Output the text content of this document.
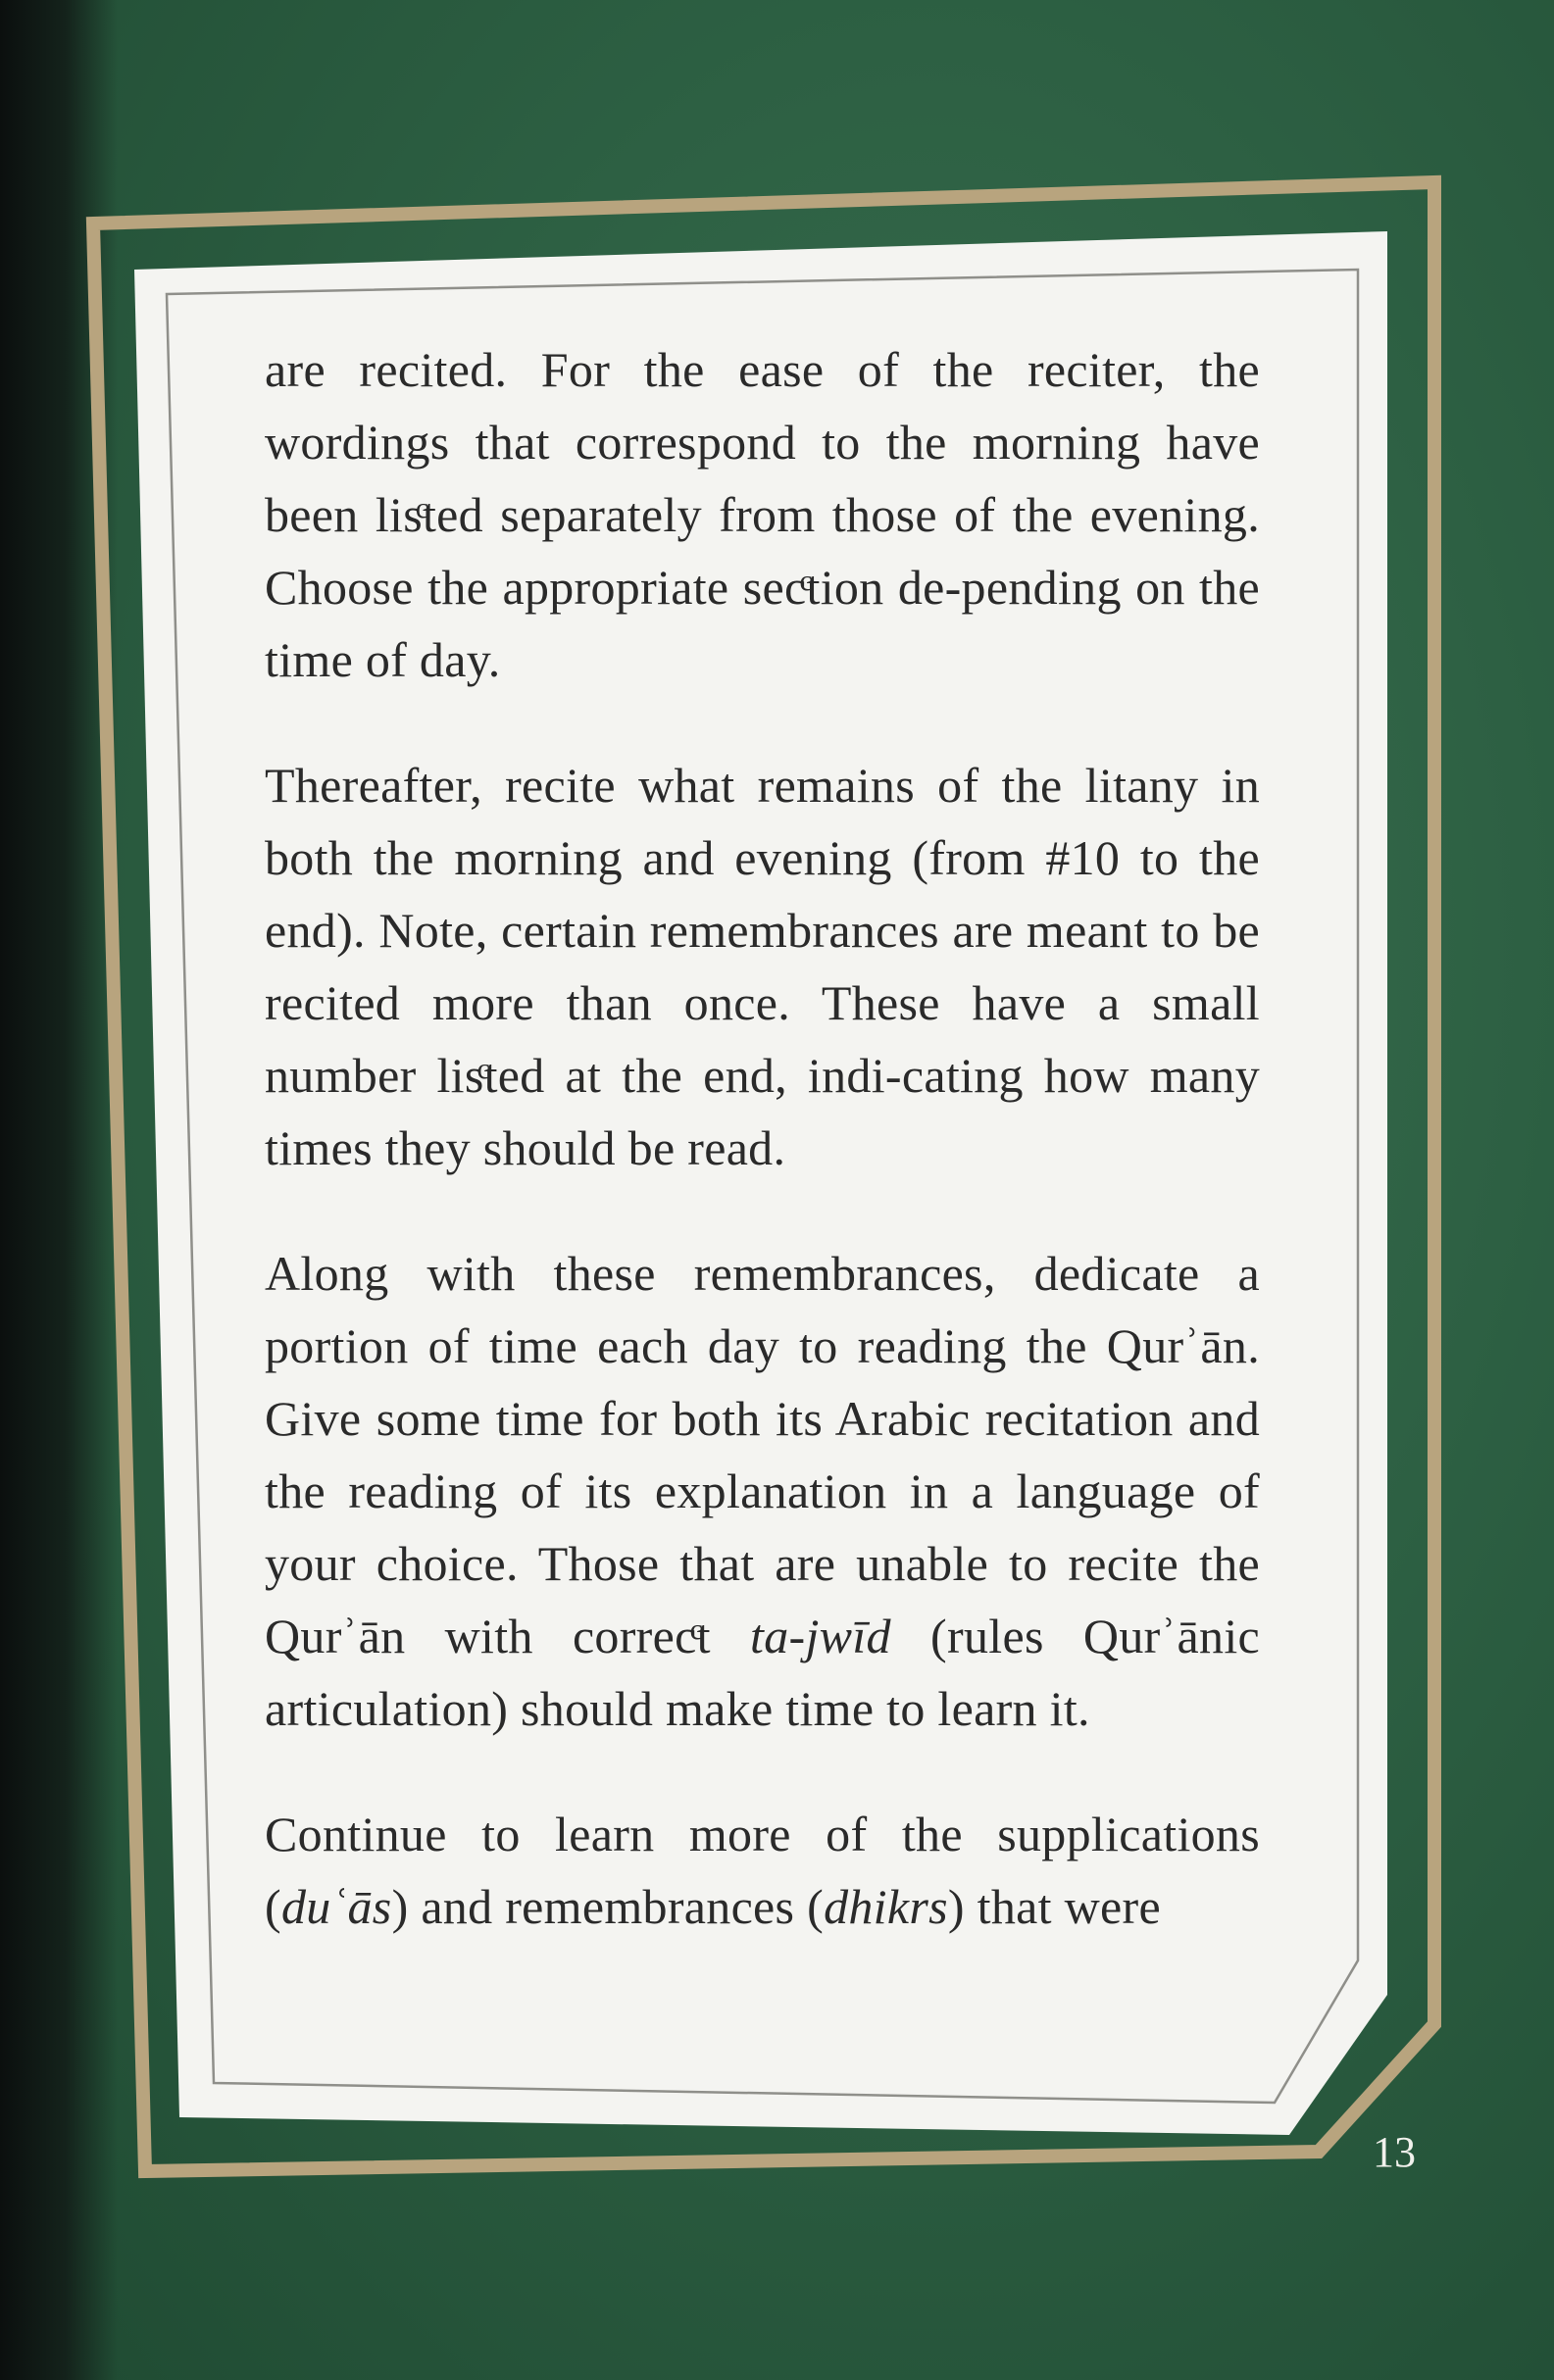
are recited. For the ease of the reciter, the wordings that correspond to the morning have been lisͨted separately from those of the evening. Choose the appropriate secͨtion de-pending on the time of day.

Thereafter, recite what remains of the litany in both the morning and evening (from #10 to the end). Note, certain remembrances are meant to be recited more than once. These have a small number lisͨted at the end, indi-cating how many times they should be read.

Along with these remembrances, dedicate a portion of time each day to reading the Qurʾān. Give some time for both its Arabic recitation and the reading of its explanation in a language of your choice. Those that are unable to recite the Qurʾān with correcͨt ta-jwīd (rules Qurʾānic articulation) should make time to learn it.

Continue to learn more of the supplications (duʿās) and remembrances (dhikrs) that were

13
